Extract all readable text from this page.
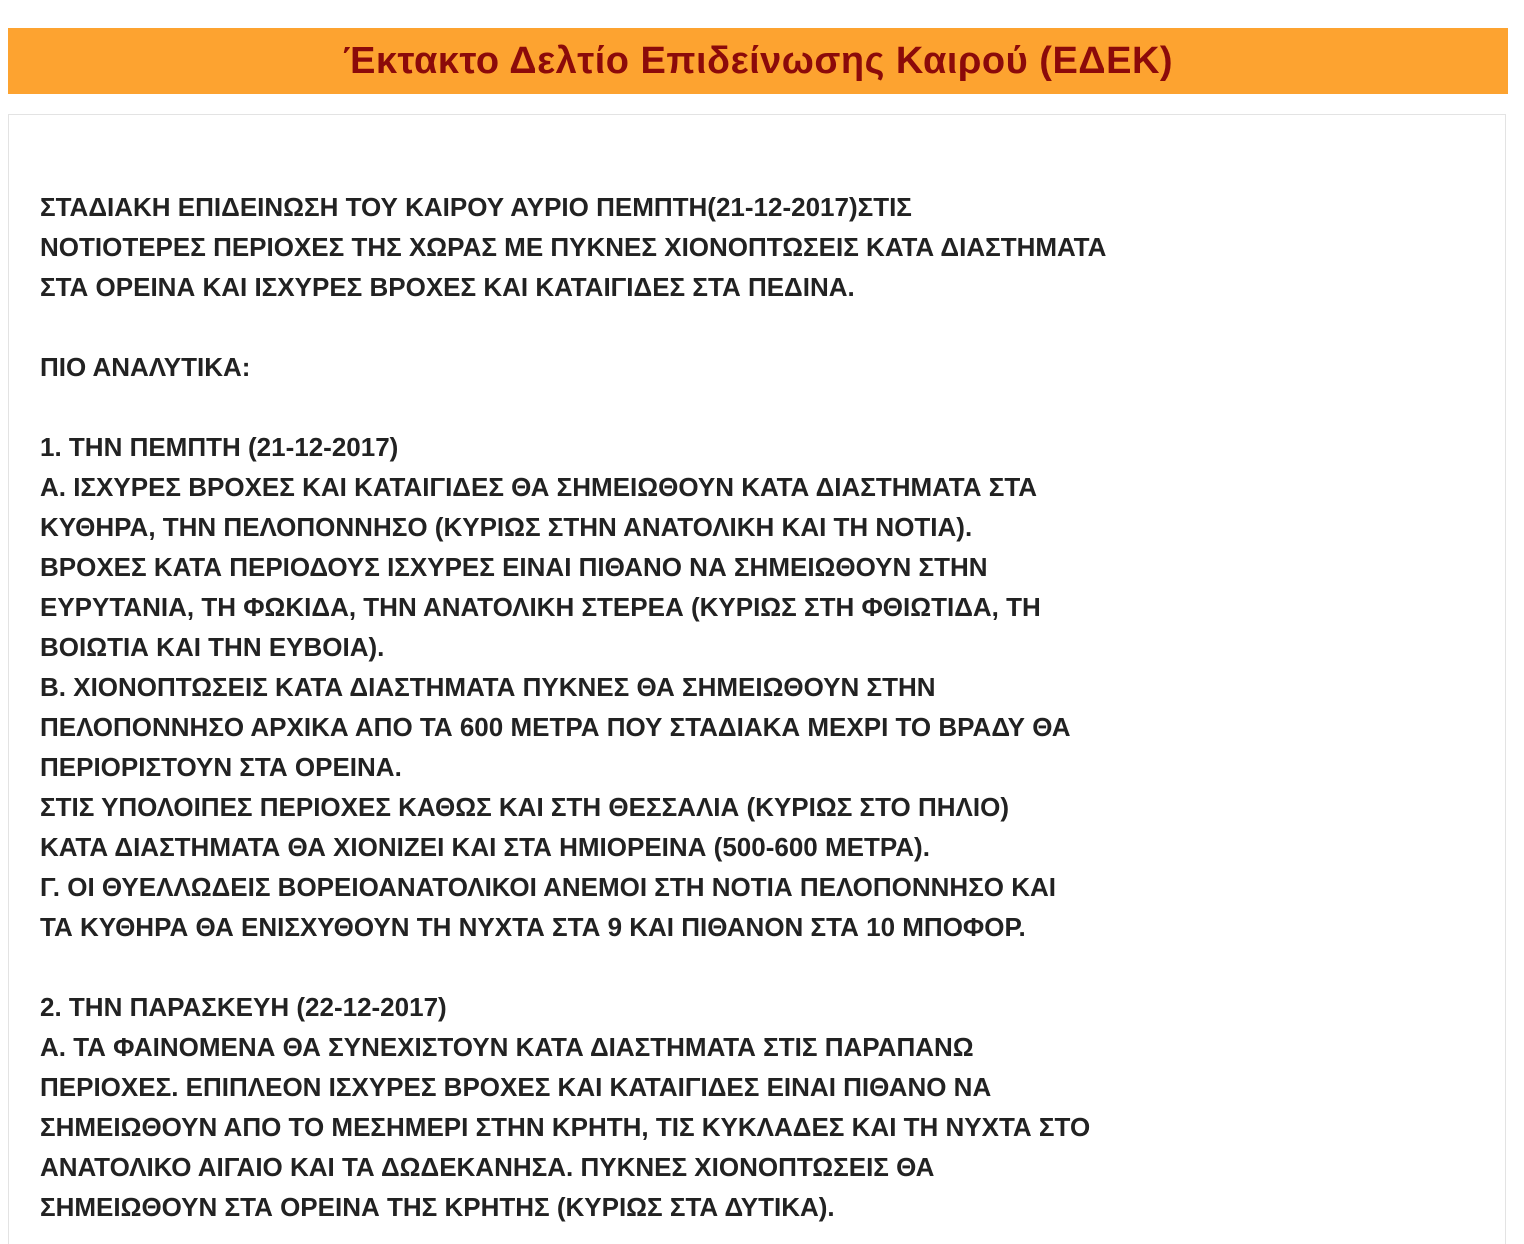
Έκτακτο Δελτίο Επιδείνωσης Καιρού (ΕΔΕΚ)
ΣΤΑΔΙΑΚΗ ΕΠΙΔΕΙΝΩΣΗ ΤΟΥ ΚΑΙΡΟΥ ΑΥΡΙΟ ΠΕΜΠΤΗ(21-12-2017)ΣΤΙΣ
ΝΟΤΙΟΤΕΡΕΣ ΠΕΡΙΟΧΕΣ ΤΗΣ ΧΩΡΑΣ ΜΕ ΠΥΚΝΕΣ ΧΙΟΝΟΠΤΩΣΕΙΣ ΚΑΤΑ ΔΙΑΣΤΗΜΑΤΑ
ΣΤΑ ΟΡΕΙΝΑ ΚΑΙ ΙΣΧΥΡΕΣ ΒΡΟΧΕΣ ΚΑΙ ΚΑΤΑΙΓΙΔΕΣ ΣΤΑ ΠΕΔΙΝΑ.
ΠΙΟ ΑΝΑΛΥΤΙΚΑ:
1. ΤΗΝ ΠΕΜΠΤΗ (21-12-2017)
Α. ΙΣΧΥΡΕΣ ΒΡΟΧΕΣ ΚΑΙ ΚΑΤΑΙΓΙΔΕΣ ΘΑ ΣΗΜΕΙΩΘΟΥΝ ΚΑΤΑ ΔΙΑΣΤΗΜΑΤΑ ΣΤΑ
ΚΥΘΗΡΑ, ΤΗΝ ΠΕΛΟΠΟΝΝΗΣΟ (ΚΥΡΙΩΣ ΣΤΗΝ ΑΝΑΤΟΛΙΚΗ ΚΑΙ ΤΗ ΝΟΤΙΑ).
ΒΡΟΧΕΣ ΚΑΤΑ ΠΕΡΙΟΔΟΥΣ ΙΣΧΥΡΕΣ ΕΙΝΑΙ ΠΙΘΑΝΟ ΝΑ ΣΗΜΕΙΩΘΟΥΝ ΣΤΗΝ
ΕΥΡΥΤΑΝΙΑ, ΤΗ ΦΩΚΙΔΑ, ΤΗΝ ΑΝΑΤΟΛΙΚΗ ΣΤΕΡΕΑ (ΚΥΡΙΩΣ ΣΤΗ ΦΘΙΩΤΙΔΑ, ΤΗ
ΒΟΙΩΤΙΑ ΚΑΙ ΤΗΝ ΕΥΒΟΙΑ).
Β. ΧΙΟΝΟΠΤΩΣΕΙΣ ΚΑΤΑ ΔΙΑΣΤΗΜΑΤΑ ΠΥΚΝΕΣ ΘΑ ΣΗΜΕΙΩΘΟΥΝ ΣΤΗΝ
ΠΕΛΟΠΟΝΝΗΣΟ ΑΡΧΙΚΑ ΑΠΟ ΤΑ 600 ΜΕΤΡΑ ΠΟΥ ΣΤΑΔΙΑΚΑ ΜΕΧΡΙ ΤΟ ΒΡΑΔΥ ΘΑ
ΠΕΡΙΟΡΙΣΤΟΥΝ ΣΤΑ ΟΡΕΙΝΑ.
ΣΤΙΣ ΥΠΟΛΟΙΠΕΣ ΠΕΡΙΟΧΕΣ ΚΑΘΩΣ ΚΑΙ ΣΤΗ ΘΕΣΣΑΛΙΑ (ΚΥΡΙΩΣ ΣΤΟ ΠΗΛΙΟ)
ΚΑΤΑ ΔΙΑΣΤΗΜΑΤΑ ΘΑ ΧΙΟΝΙΖΕΙ ΚΑΙ ΣΤΑ ΗΜΙΟΡΕΙΝΑ (500-600 ΜΕΤΡΑ).
Γ. ΟΙ ΘΥΕΛΛΩΔΕΙΣ ΒΟΡΕΙΟΑΝΑΤΟΛΙΚΟΙ ΑΝΕΜΟΙ ΣΤΗ ΝΟΤΙΑ ΠΕΛΟΠΟΝΝΗΣΟ ΚΑΙ
ΤΑ ΚΥΘΗΡΑ ΘΑ ΕΝΙΣΧΥΘΟΥΝ ΤΗ ΝΥΧΤΑ ΣΤΑ 9 ΚΑΙ ΠΙΘΑΝΟΝ ΣΤΑ 10 ΜΠΟΦΟΡ.
2. ΤΗΝ ΠΑΡΑΣΚΕΥΗ (22-12-2017)
Α. ΤΑ ΦΑΙΝΟΜΕΝΑ ΘΑ ΣΥΝΕΧΙΣΤΟΥΝ ΚΑΤΑ ΔΙΑΣΤΗΜΑΤΑ ΣΤΙΣ ΠΑΡΑΠΑΝΩ
ΠΕΡΙΟΧΕΣ. ΕΠΙΠΛΕΟΝ ΙΣΧΥΡΕΣ ΒΡΟΧΕΣ ΚΑΙ ΚΑΤΑΙΓΙΔΕΣ ΕΙΝΑΙ ΠΙΘΑΝΟ ΝΑ
ΣΗΜΕΙΩΘΟΥΝ ΑΠΟ ΤΟ ΜΕΣΗΜΕΡΙ ΣΤΗΝ ΚΡΗΤΗ, ΤΙΣ ΚΥΚΛΑΔΕΣ ΚΑΙ ΤΗ ΝΥΧΤΑ ΣΤΟ
ΑΝΑΤΟΛΙΚΟ ΑΙΓΑΙΟ ΚΑΙ ΤΑ ΔΩΔΕΚΑΝΗΣΑ. ΠΥΚΝΕΣ ΧΙΟΝΟΠΤΩΣΕΙΣ ΘΑ
ΣΗΜΕΙΩΘΟΥΝ ΣΤΑ ΟΡΕΙΝΑ ΤΗΣ ΚΡΗΤΗΣ (ΚΥΡΙΩΣ ΣΤΑ ΔΥΤΙΚΑ).
